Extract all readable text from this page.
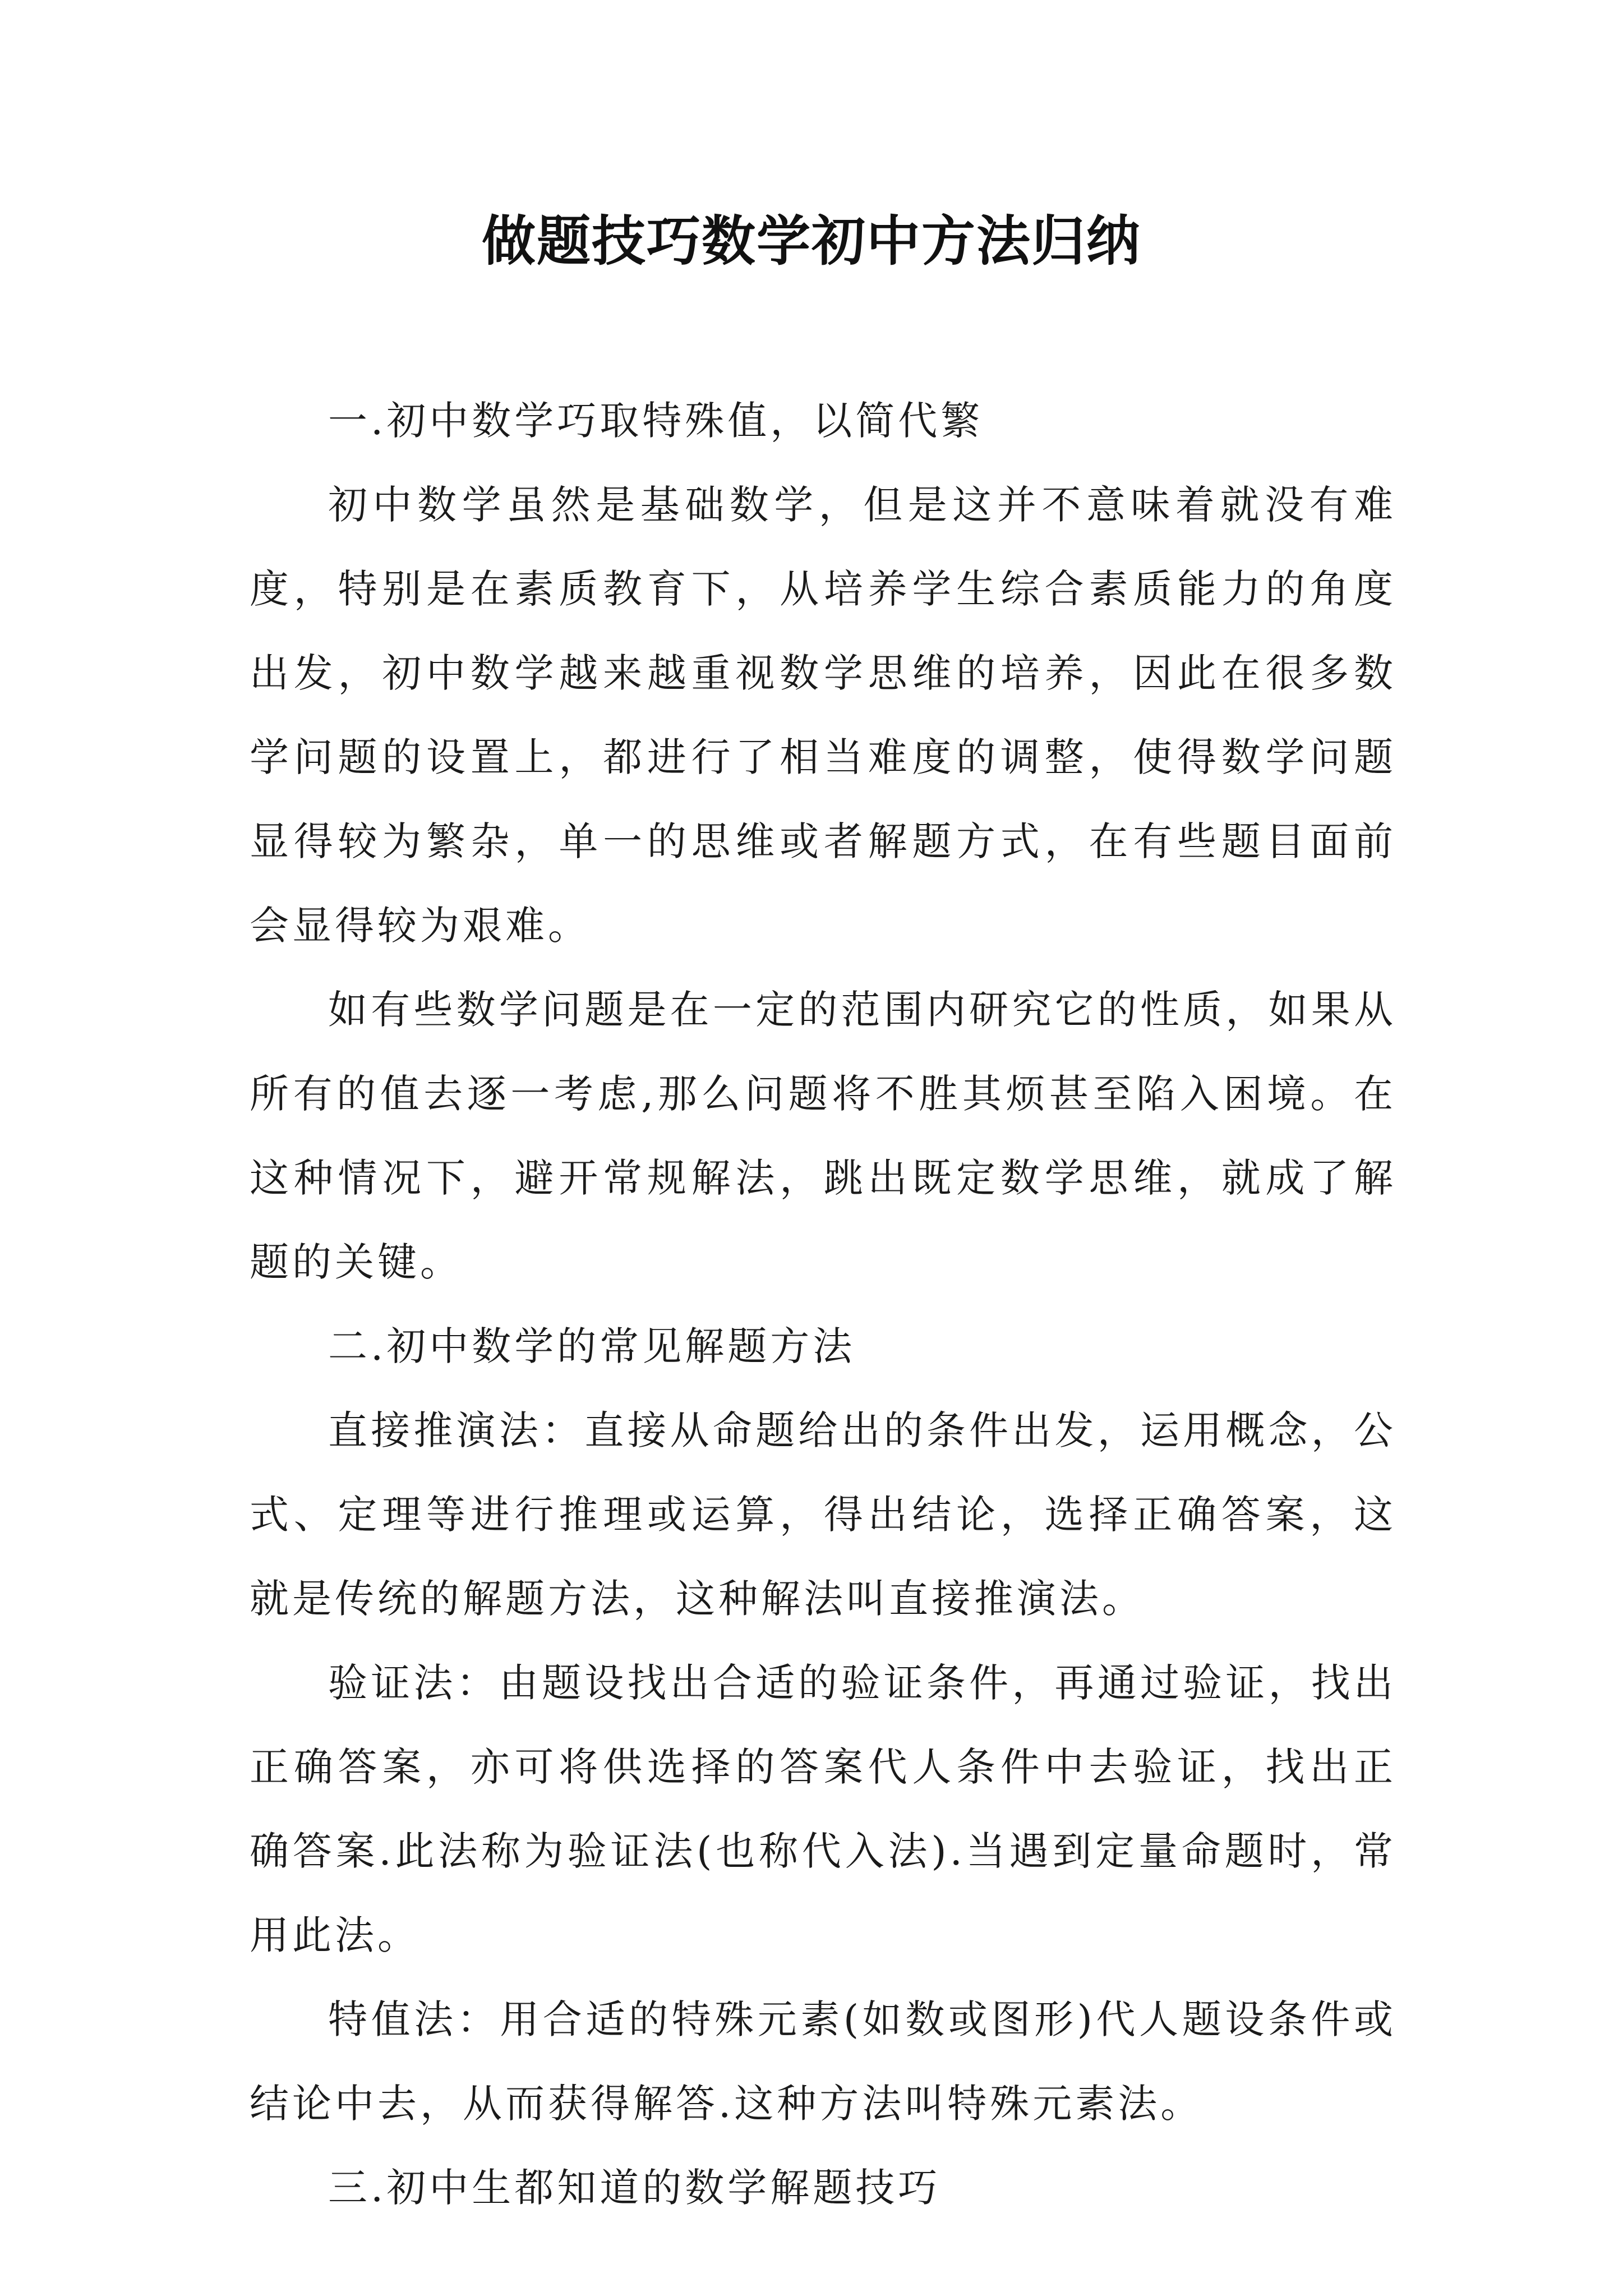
做题技巧数学初中方法归纳

一.初中数学巧取特殊值，以简代繁

初中数学虽然是基础数学，但是这并不意味着就没有难度，特别是在素质教育下，从培养学生综合素质能力的角度出发，初中数学越来越重视数学思维的培养，因此在很多数学问题的设置上，都进行了相当难度的调整，使得数学问题显得较为繁杂，单一的思维或者解题方式，在有些题目面前会显得较为艰难。

如有些数学问题是在一定的范围内研究它的性质，如果从所有的值去逐一考虑,那么问题将不胜其烦甚至陷入困境。在这种情况下，避开常规解法，跳出既定数学思维，就成了解题的关键。

二.初中数学的常见解题方法

直接推演法：直接从命题给出的条件出发，运用概念，公式、定理等进行推理或运算，得出结论，选择正确答案，这就是传统的解题方法，这种解法叫直接推演法。

验证法：由题设找出合适的验证条件，再通过验证，找出正确答案，亦可将供选择的答案代人条件中去验证，找出正确答案.此法称为验证法(也称代入法).当遇到定量命题时，常用此法。

特值法：用合适的特殊元素(如数或图形)代人题设条件或结论中去，从而获得解答.这种方法叫特殊元素法。

三.初中生都知道的数学解题技巧
